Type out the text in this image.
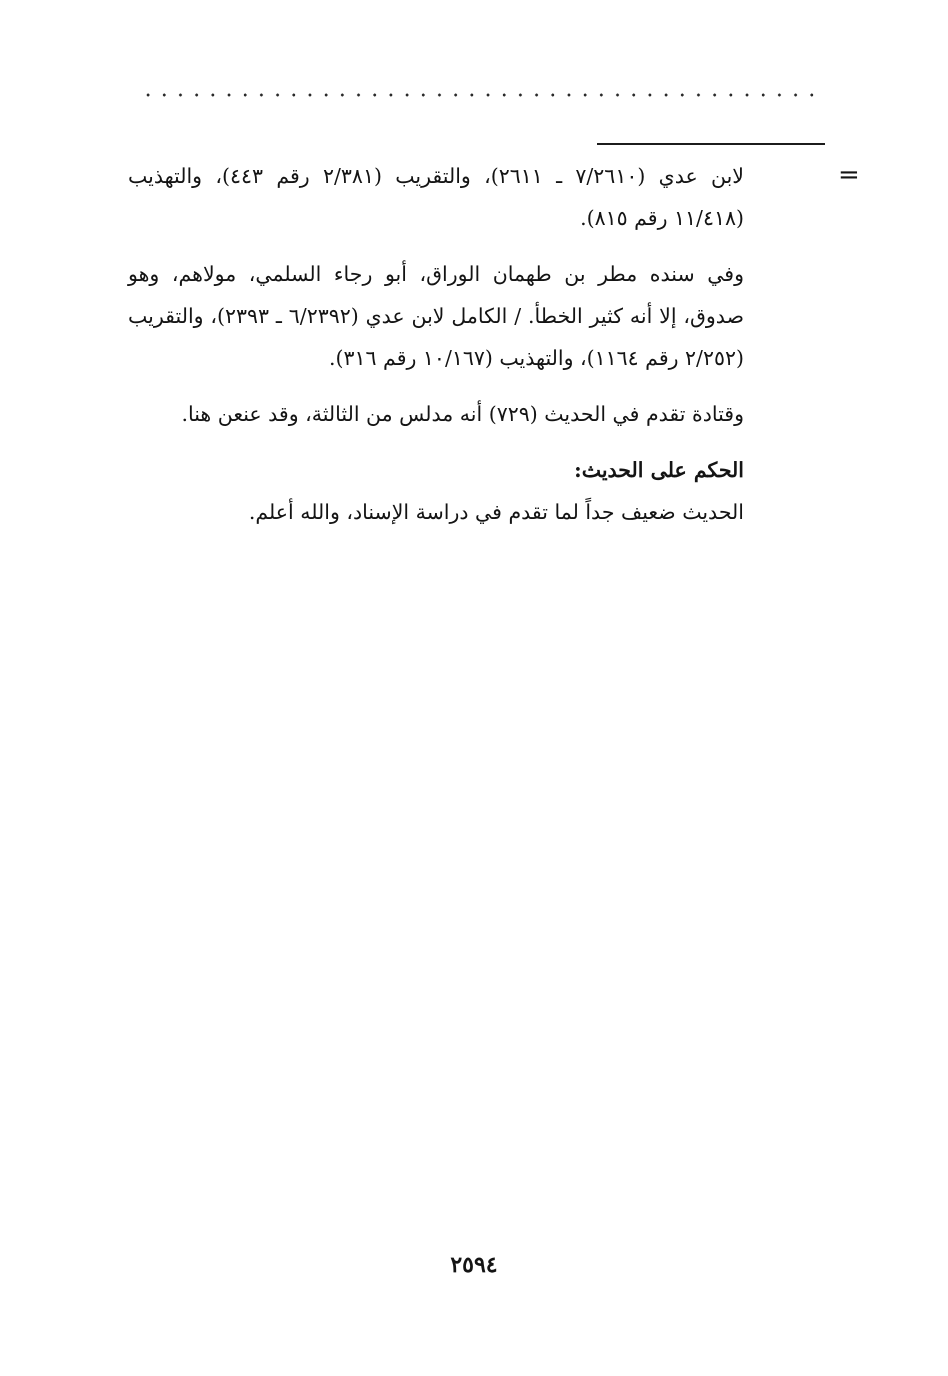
=

لابن عدي (٧/٢٦١٠ ـ ٢٦١١)، والتقريب (٢/٣٨١ رقم ٤٤٣)، والتهذيب (١١/٤١٨ رقم ٨١٥).

وفي سنده مطر بن طهمان الوراق، أبو رجاء السلمي، مولاهم، وهو صدوق، إلا أنه كثير الخطأ. / الكامل لابن عدي (٦/٢٣٩٢ ـ ٢٣٩٣)، والتقريب (٢/٢٥٢ رقم ١١٦٤)، والتهذيب (١٠/١٦٧ رقم ٣١٦).

وقتادة تقدم في الحديث (٧٢٩) أنه مدلس من الثالثة، وقد عنعن هنا.

الحكم على الحديث:

الحديث ضعيف جداً لما تقدم في دراسة الإسناد، والله أعلم.

٢٥٩٤
